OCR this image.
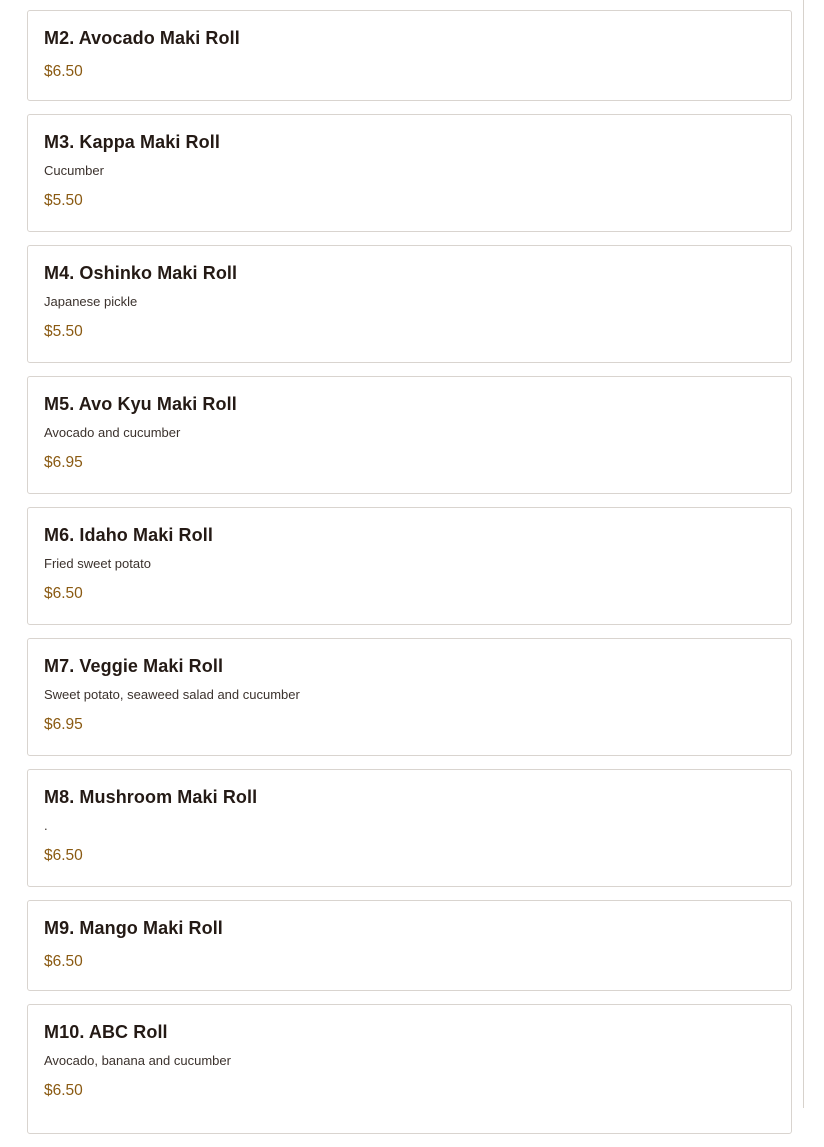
M2. Avocado Maki Roll
$6.50
M3. Kappa Maki Roll
Cucumber
$5.50
M4. Oshinko Maki Roll
Japanese pickle
$5.50
M5. Avo Kyu Maki Roll
Avocado and cucumber
$6.95
M6. Idaho Maki Roll
Fried sweet potato
$6.50
M7. Veggie Maki Roll
Sweet potato, seaweed salad and cucumber
$6.95
M8. Mushroom Maki Roll
.
$6.50
M9. Mango Maki Roll
$6.50
M10. ABC Roll
Avocado, banana and cucumber
$6.50
